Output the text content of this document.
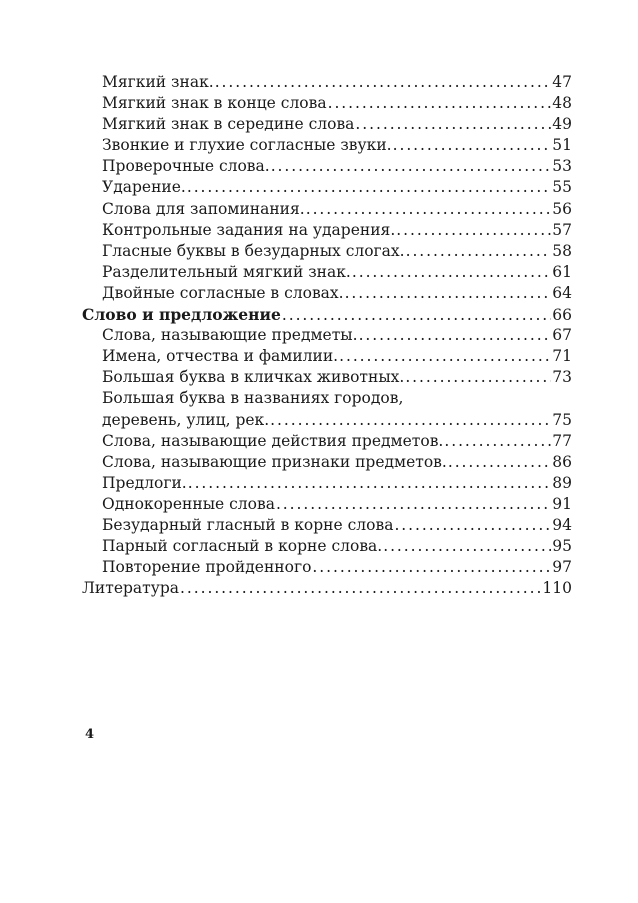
Мягкий знак. . . .	47
Мягкий знак в конце слова . . .	48
Мягкий знак в середине слова . . .	49
Звонкие и глухие согласные звуки. . . .	51
Проверочные слова. . . .	53
Ударение. . . .	55
Слова для запоминания. . . .	56
Контрольные задания на ударения. . . .	57
Гласные буквы в безударных слогах. . . .	58
Разделительный мягкий знак. . . .	61
Двойные согласные в словах. . . .	64
Слово и предложение . . .	66
Слова, называющие предметы. . . .	67
Имена, отчества и фамилии. . . .	71
Большая буква в кличках животных. . . .	73
Большая буква в названиях городов,
деревень, улиц, рек. . . .	75
Слова, называющие действия предметов. . . .	77
Слова, называющие признаки предметов. . . .	86
Предлоги. . . .	89
Однокоренные слова . . .	91
Безударный гласный в корне слова . . .	94
Парный согласный в корне слова. . . .	95
Повторение пройденного . . .	97
Литература . . .	110
4
